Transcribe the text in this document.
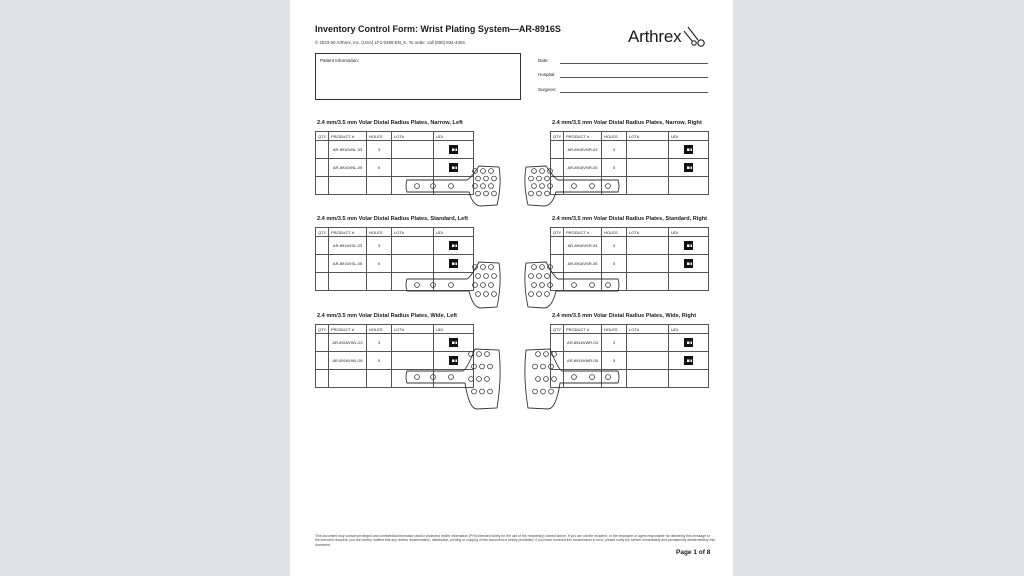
Inventory Control Form: Wrist Plating System—AR-8916S
© 2023-06 Arthrex, Inc. (USA) LF1-0496-EN_K. To order, call (800) 934-4404.	Arthrex
Patient Information:	Date:
Hospital:
Surgeon:
2.4 mm/3.5 mm Volar Distal Radius Plates, Narrow, Left
QTY	PRODUCT #	HOLES	LOT#	UDI
	AR-8916VNL-03	3		
	AR-8916VNL-05	5		

2.4 mm/3.5 mm Volar Distal Radius Plates, Narrow, Right
QTY	PRODUCT #	HOLES	LOT#	UDI
	AR-8916VNR-03	3		
	AR-8916VNR-05	5		

2.4 mm/3.5 mm Volar Distal Radius Plates, Standard, Left
QTY	PRODUCT #	HOLES	LOT#	UDI
	AR-8916VSL-03	3		
	AR-8916VSL-05	5		

2.4 mm/3.5 mm Volar Distal Radius Plates, Standard, Right
QTY	PRODUCT #	HOLES	LOT#	UDI
	AR-8916VSR-03	3		
	AR-8916VSR-05	5		

2.4 mm/3.5 mm Volar Distal Radius Plates, Wide, Left
QTY	PRODUCT #	HOLES	LOT#	UDI
	AR-8916VWL-03	3		
	AR-8916VWL-05	5		

2.4 mm/3.5 mm Volar Distal Radius Plates, Wide, Right
QTY	PRODUCT #	HOLES	LOT#	UDI
	AR-8916VWR-03	3		
	AR-8916VWR-05	5		

This document may contain privileged and confidential information and/or protected health information (PHI) intended solely for the use of the recipient(s) named above. If you are not the recipient, or the employee or agent responsible for delivering this message to the intended recipient, you are hereby notified that any review, dissemination, distribution, printing or copying of this document is strictly prohibited. If you have received this transmission in error, please notify the sender immediately and permanently delete/destroy this document.
Page 1 of 8
